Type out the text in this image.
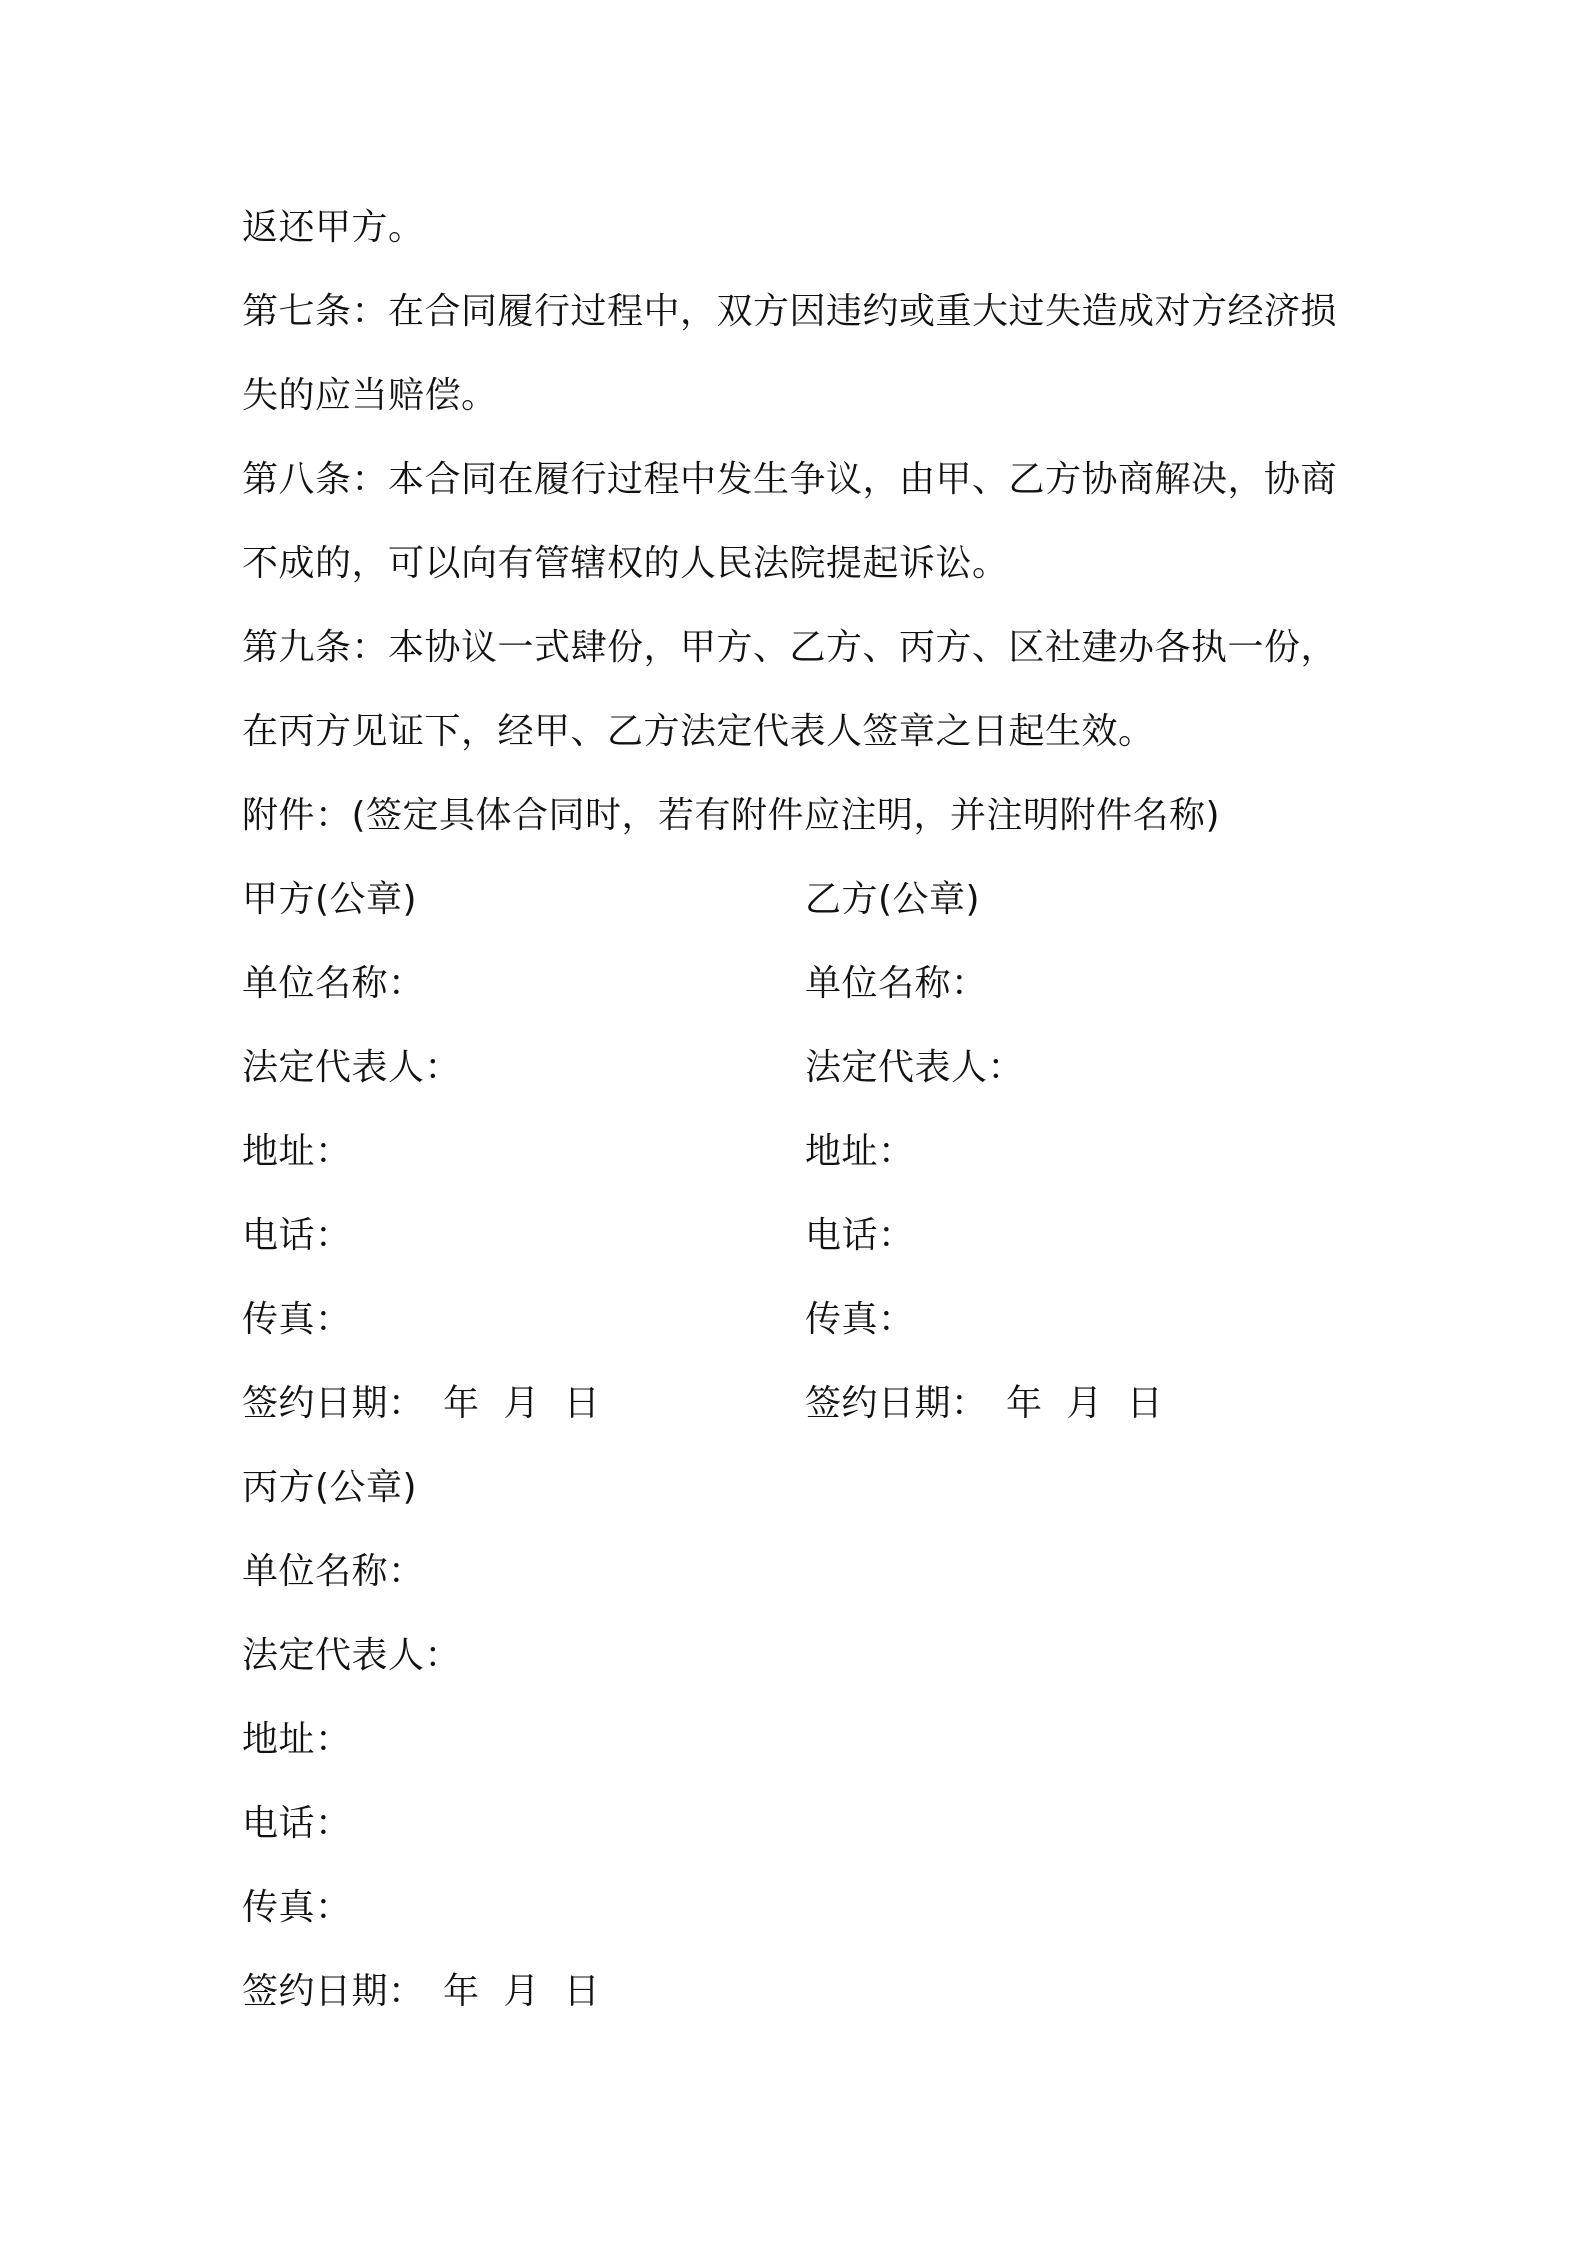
返还甲方。
第七条：在合同履行过程中，双方因违约或重大过失造成对方经济损
失的应当赔偿。
第八条：本合同在履行过程中发生争议，由甲、乙方协商解决，协商
不成的，可以向有管辖权的人民法院提起诉讼。
第九条：本协议一式肆份，甲方、乙方、丙方、区社建办各执一份，
在丙方见证下，经甲、乙方法定代表人签章之日起生效。
附件：(签定具体合同时，若有附件应注明，并注明附件名称)
甲方(公章)
单位名称：
法定代表人：
地址：
电话：
传真：
签约日期：　年  月  日
乙方(公章)
单位名称：
法定代表人：
地址：
电话：
传真：
签约日期：　年  月  日
丙方(公章)
单位名称：
法定代表人：
地址：
电话：
传真：
签约日期：　年  月  日
